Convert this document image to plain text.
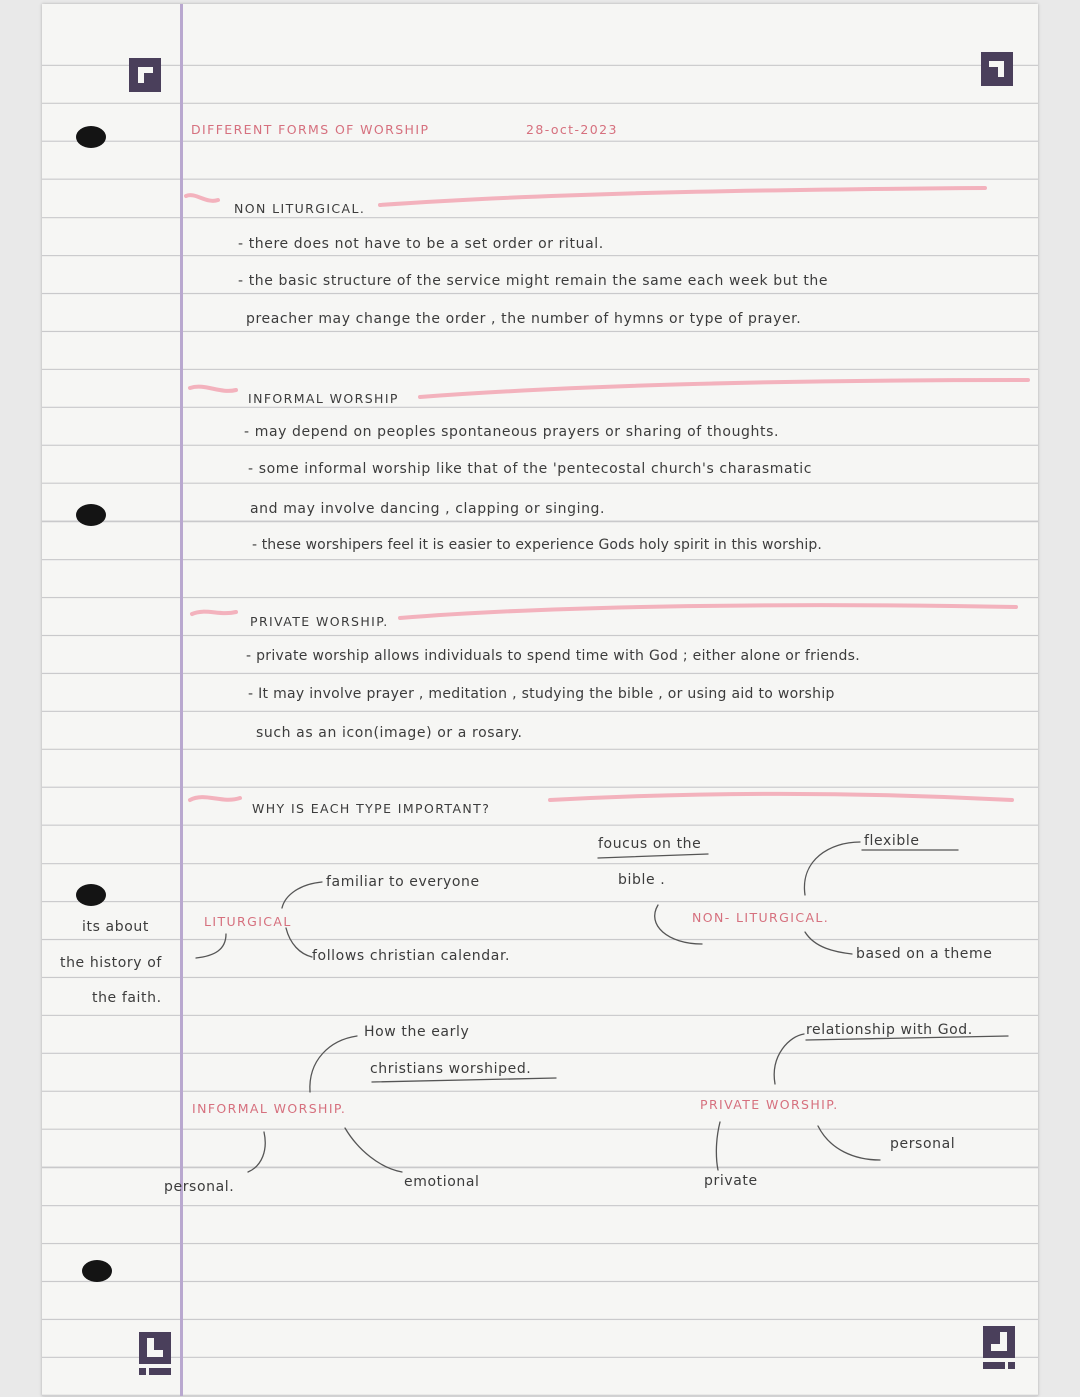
DIFFERENT FORMS OF WORSHIP	28-oct-2023
NON LITURGICAL.
- there does not have to be a set order or ritual.
- the basic structure of the service might remain the same each week but the
preacher may change the order , the number of hymns or type of prayer.
INFORMAL WORSHIP
- may depend on peoples spontaneous prayers or sharing of thoughts.
- some informal worship like that of the 'pentecostal church's charasmatic
and may involve dancing , clapping or singing.
- these worshipers feel it is easier to experience Gods holy spirit in this worship.
PRIVATE WORSHIP.
- private worship allows individuals to spend time with God ; either alone or friends.
- It may involve prayer , meditation , studying the bible , or using aid to worship
such as an icon(image) or a rosary.
WHY IS EACH TYPE IMPORTANT?
LITURGICAL
familiar to everyone
follows christian calendar.
its about
the history of
the faith.
NON- LITURGICAL.
foucus on the
bible .
flexible
based on a theme
INFORMAL WORSHIP.
How the early
christians worshiped.
personal.	emotional
PRIVATE WORSHIP.
relationship with God.
personal
private
